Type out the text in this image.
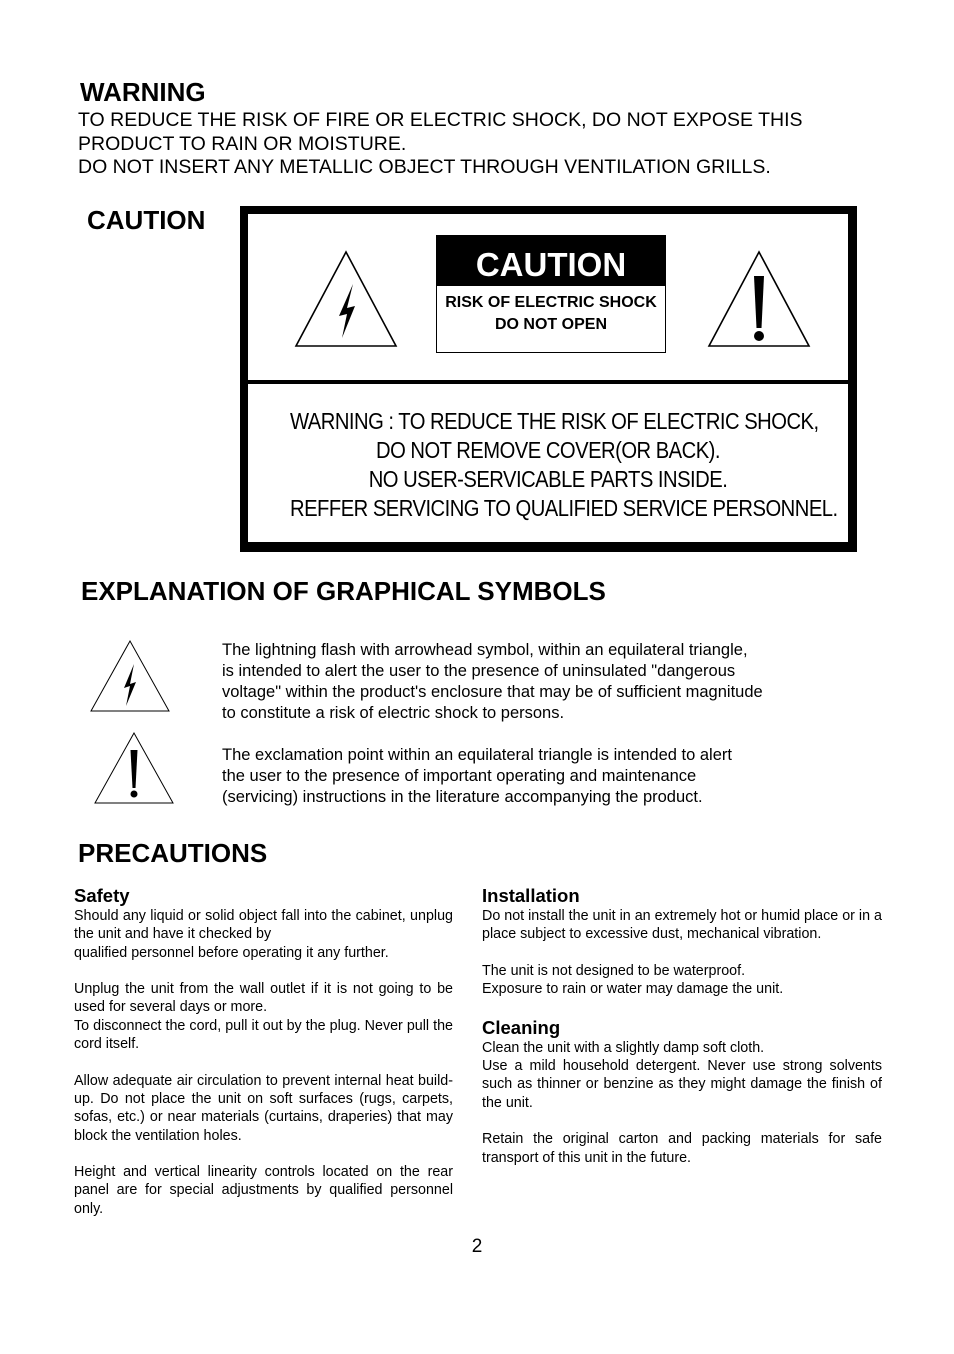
WARNING
TO REDUCE THE RISK OF FIRE OR ELECTRIC SHOCK, DO NOT EXPOSE THIS
PRODUCT TO RAIN OR MOISTURE.
DO NOT INSERT ANY METALLIC OBJECT THROUGH VENTILATION GRILLS.
CAUTION
CAUTION
RISK OF ELECTRIC SHOCK
DO NOT OPEN
WARNING : TO REDUCE THE RISK OF ELECTRIC SHOCK,
DO NOT REMOVE COVER(OR BACK).
NO USER-SERVICABLE PARTS INSIDE.
REFFER SERVICING TO QUALIFIED SERVICE PERSONNEL.
EXPLANATION OF GRAPHICAL SYMBOLS
The lightning flash with arrowhead symbol, within an equilateral triangle,
is intended to alert the user to the presence of uninsulated "dangerous
voltage" within the product's enclosure that may be of sufficient magnitude
to constitute a risk of electric shock to persons.
The exclamation point within an equilateral triangle is intended to alert
the user to the presence of important operating and maintenance
(servicing) instructions in the literature accompanying the product.
PRECAUTIONS
Safety

Should any liquid or solid object fall into the cabinet, unplug the unit and have it checked by

qualified personnel before operating it any further.

Unplug the unit from the wall outlet if it is not going to be used for several days or more.

To disconnect the cord, pull it out by the plug. Never pull the cord itself.

Allow adequate air circulation to prevent internal heat build-up. Do not place the unit on soft surfaces (rugs, carpets, sofas, etc.) or near materials (curtains, draperies) that may block the ventilation holes.

Height and vertical linearity controls located on the rear panel are for special adjustments by qualified personnel only.

Installation

Do not install the unit in an extremely hot or humid place or in a place subject to excessive dust, mechanical vibration.

The unit is not designed to be waterproof.

Exposure to rain or water may damage the unit.

Cleaning

Clean the unit with a slightly damp soft cloth.

Use a mild household detergent. Never use strong solvents such as thinner or benzine as they might damage the finish of the unit.

Retain the original carton and packing materials for safe transport of this unit in the future.

2
